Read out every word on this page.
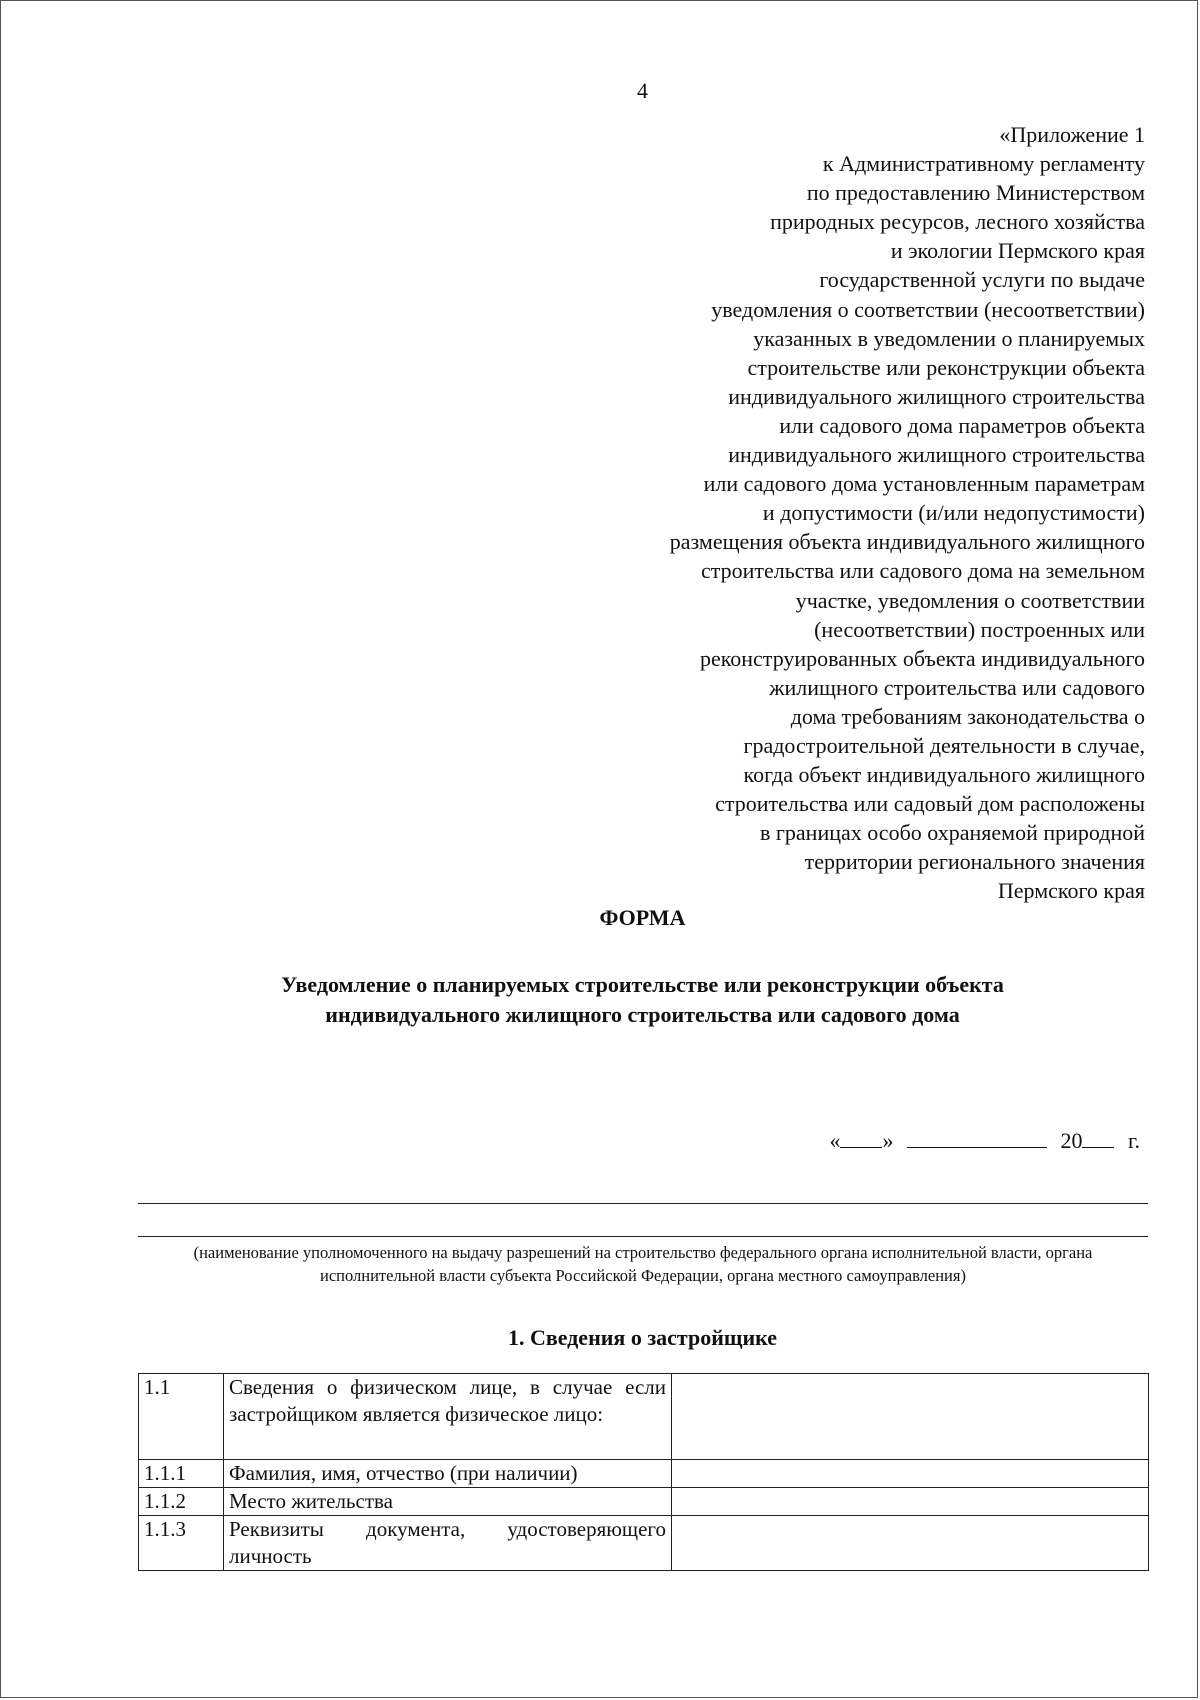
4
«Приложение 1
к Административному регламенту
по предоставлению Министерством
природных ресурсов, лесного хозяйства
и экологии Пермского края
государственной услуги по выдаче
уведомления о соответствии (несоответствии)
указанных в уведомлении о планируемых
строительстве или реконструкции объекта
индивидуального жилищного строительства
или садового дома параметров объекта
индивидуального жилищного строительства
или садового дома установленным параметрам
и допустимости (и/или недопустимости)
размещения объекта индивидуального жилищного
строительства или садового дома на земельном
участке, уведомления о соответствии
(несоответствии) построенных или
реконструированных объекта индивидуального
жилищного строительства или садового
дома требованиям законодательства о
градостроительной деятельности в случае,
когда объект индивидуального жилищного
строительства или садовый дом расположены
в границах особо охраняемой природной
территории регионального значения
Пермского края
ФОРМА
Уведомление о планируемых строительстве или реконструкции объекта
индивидуального жилищного строительства или садового дома
« »	20 г.
(наименование уполномоченного на выдачу разрешений на строительство федерального органа исполнительной власти, органа исполнительной власти субъекта Российской Федерации, органа местного самоуправления)
1. Сведения о застройщике
1.1	Сведения о физическом лице, в случае если застройщиком является физическое лицо:	
1.1.1	Фамилия, имя, отчество (при наличии)	
1.1.2	Место жительства	
1.1.3	Реквизиты документа, удостоверяющего личность	
